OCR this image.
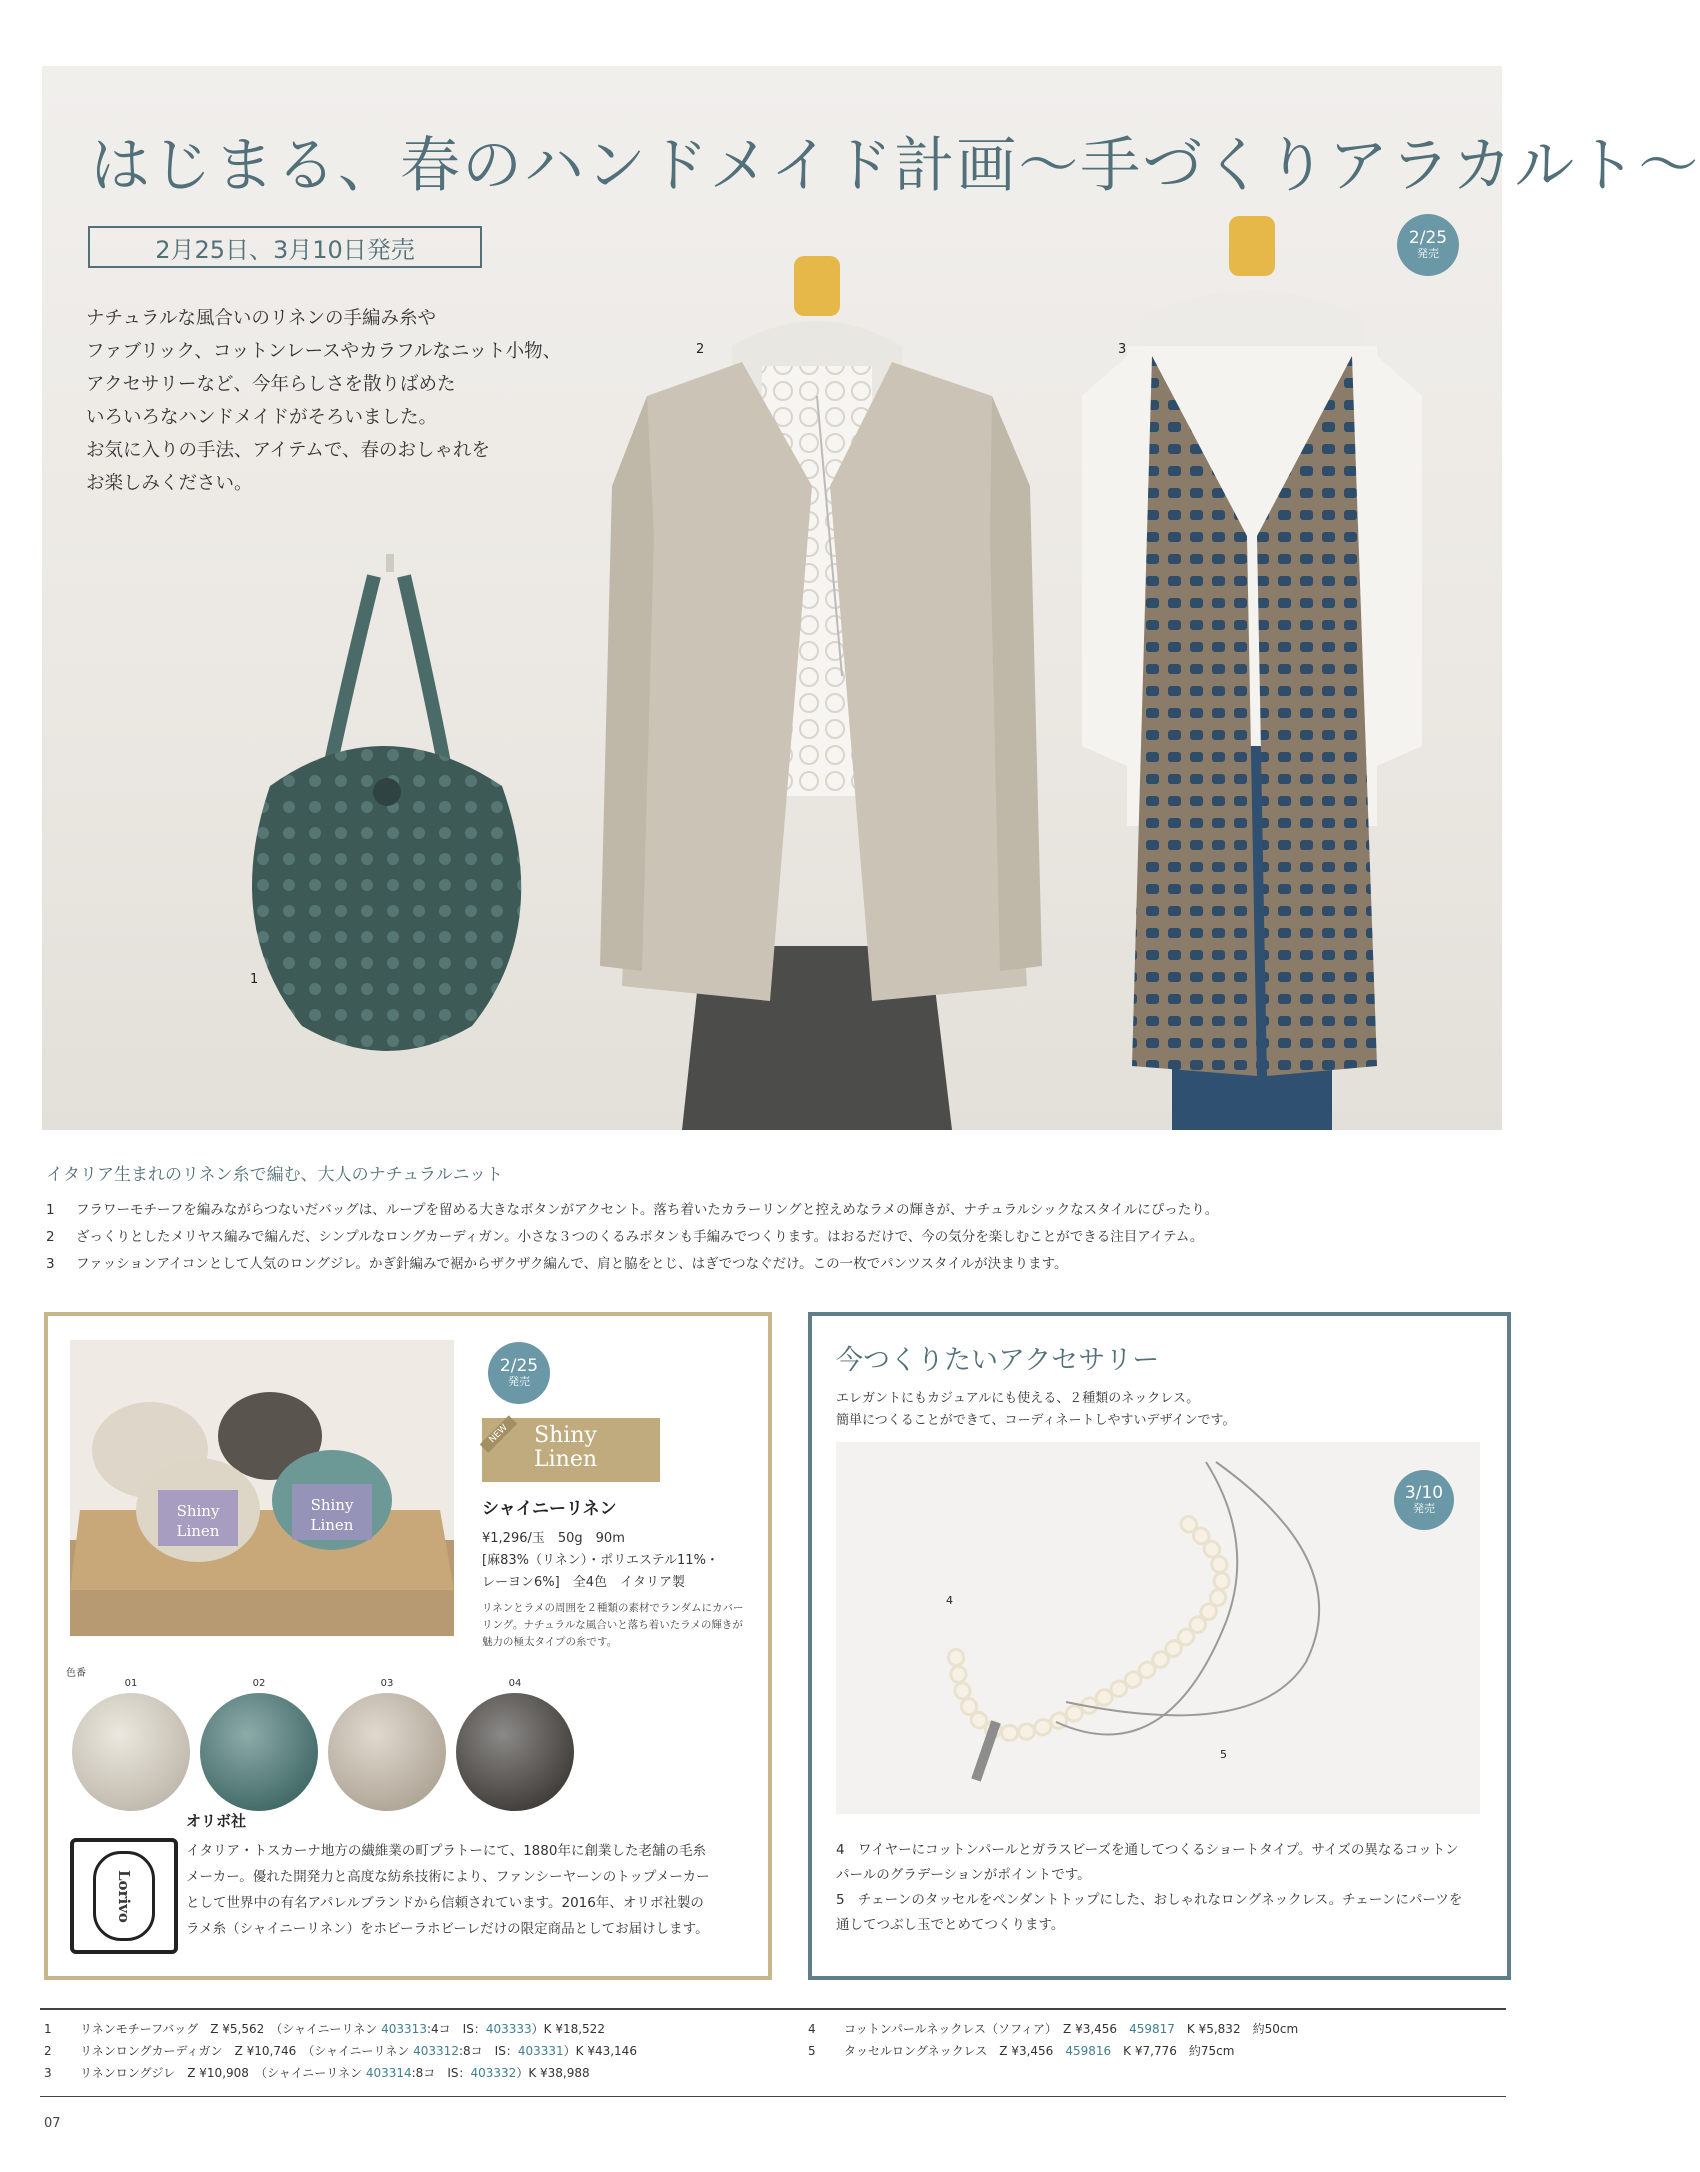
はじまる、春のハンドメイド計画〜手づくりアラカルト〜
2月25日、3月10日発売
ナチュラルな風合いのリネンの手編み糸や
ファブリック、コットンレースやカラフルなニット小物、
アクセサリーなど、今年らしさを散りばめた
いろいろなハンドメイドがそろいました。
お気に入りの手法、アイテムで、春のおしゃれを
お楽しみください。
2/25
発売
1
2	3
イタリア生まれのリネン糸で編む、大人のナチュラルニット
1 フラワーモチーフを編みながらつないだバッグは、ループを留める大きなボタンがアクセント。落ち着いたカラーリングと控えめなラメの輝きが、ナチュラルシックなスタイルにぴったり。
2 ざっくりとしたメリヤス編みで編んだ、シンプルなロングカーディガン。小さな３つのくるみボタンも手編みでつくります。はおるだけで、今の気分を楽しむことができる注目アイテム。
3 ファッションアイコンとして人気のロングジレ。かぎ針編みで裾からザクザク編んで、肩と脇をとじ、はぎでつなぐだけ。この一枚でパンツスタイルが決まります。
Shiny
Linen
Shiny
Linen
2/25
発売
NEW	Shiny
Linen
シャイニーリネン
¥1,296/玉　50g　90m
[麻83%（リネン）・ポリエステル11%・
レーヨン6%]　全4色　イタリア製
リネンとラメの周囲を２種類の素材でランダムにカバーリング。ナチュラルな風合いと落ち着いたラメの輝きが魅力の極太タイプの糸です。
色番
01	02	03	04
Lorivo
オリボ社
イタリア・トスカーナ地方の繊維業の町プラトーにて、1880年に創業した老舗の毛糸
メーカー。優れた開発力と高度な紡糸技術により、ファンシーヤーンのトップメーカー
として世界中の有名アパレルブランドから信頼されています。2016年、オリボ社製の
ラメ糸（シャイニーリネン）をホビーラホビーレだけの限定商品としてお届けします。
今つくりたいアクセサリー
エレガントにもカジュアルにも使える、２種類のネックレス。
簡単につくることができて、コーディネートしやすいデザインです。
3/10
発売
4
5
4 ワイヤーにコットンパールとガラスビーズを通してつくるショートタイプ。サイズの異なるコットン
パールのグラデーションがポイントです。
5 チェーンのタッセルをペンダントトップにした、おしゃれなロングネックレス。チェーンにパーツを
通してつぶし玉でとめてつくります。
1 リネンモチーフバッグ　 Z ¥5,562　 （シャイニーリネン 403313:4コ　 IS：403333）K ¥18,522
2 リネンロングカーディガン　 Z ¥10,746　 （シャイニーリネン 403312:8コ　 IS：403331）K ¥43,146
3 リネンロングジレ　 Z ¥10,908　 （シャイニーリネン 403314:8コ　 IS：403332）K ¥38,988
4 コットンパールネックレス（ソフィア）　 Z ¥3,456　 459817　 K ¥5,832　 約50cm
5 タッセルロングネックレス　 Z ¥3,456　 459816　 K ¥7,776　 約75cm
07
